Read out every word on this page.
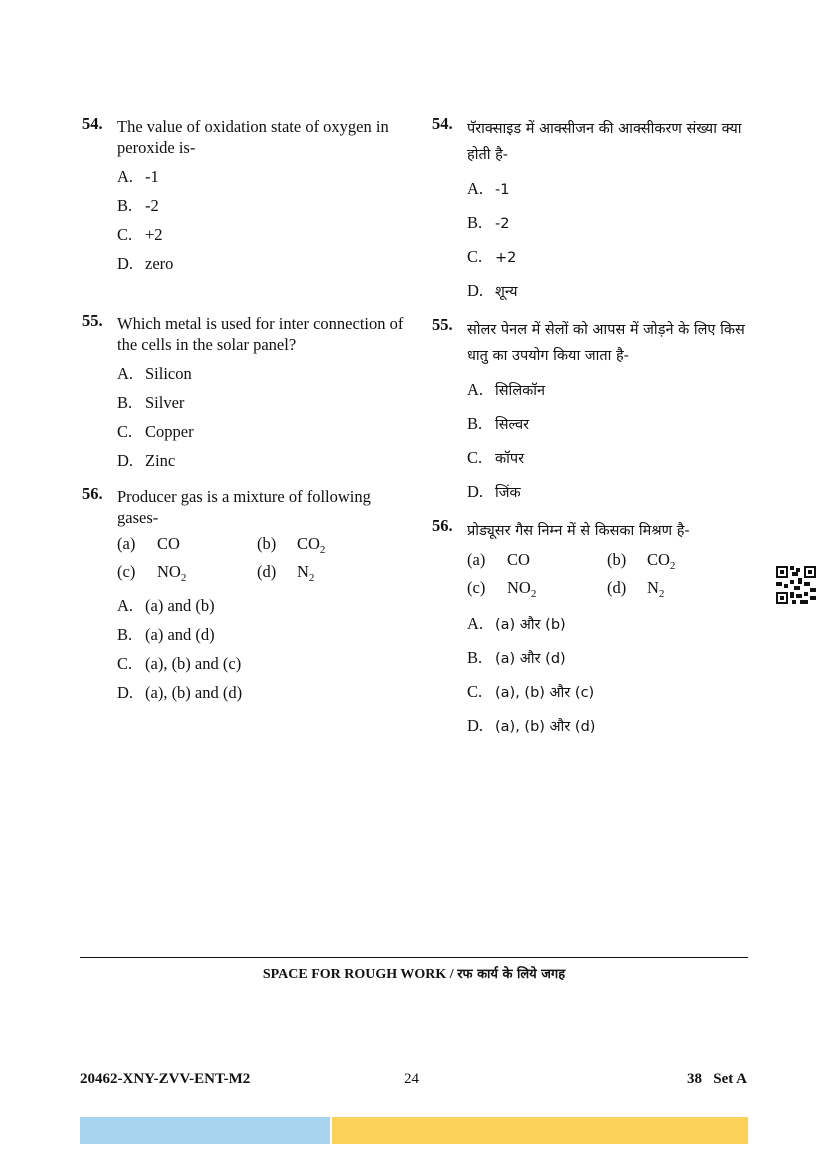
54. The value of oxidation state of oxygen in peroxide is-
A. -1
B. -2
C. +2
D. zero
55. Which metal is used for inter connection of the cells in the solar panel?
A. Silicon
B. Silver
C. Copper
D. Zinc
56. Producer gas is a mixture of following gases-
(a) CO	(b) $CO_2$
(c) $NO_2$	(d) $N_2$
A. (a) and (b)
B. (a) and (d)
C. (a), (b) and (c)
D. (a), (b) and (d)
54. पॅराक्साइड में आक्सीजन की आक्सीकरण संख्या क्या होती है-
A. -1
B. -2
C. +2
D. शून्य
55. सोलर पेनल में सेलों को आपस में जोड़ने के लिए किस धातु का उपयोग किया जाता है-
A. सिलिकॉन
B. सिल्वर
C. कॉपर
D. जिंक
56. प्रोड्यूसर गैस निम्न में से किसका मिश्रण है-
(a) CO	(b) $CO_2$
(c) $NO_2$	(d) $N_2$
A. (a) और (b)
B. (a) और (d)
C. (a), (b) और (c)
D. (a), (b) और (d)
SPACE FOR ROUGH WORK / रफ कार्य के लिये जगह
20462-XNY-ZVV-ENT-M2	24	38   Set A
